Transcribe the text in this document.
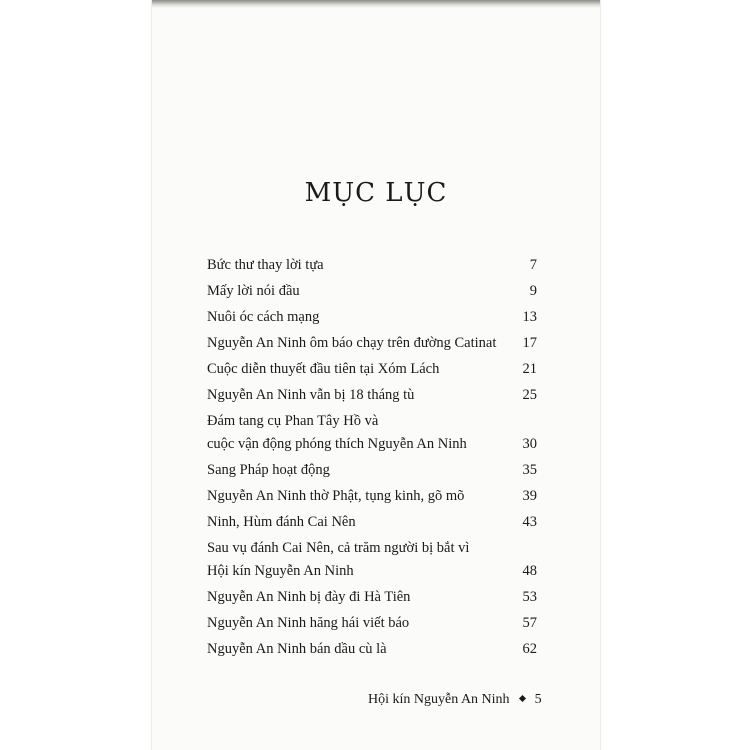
MỤC LỤC
Bức thư thay lời tựa	7
Mấy lời nói đầu	9
Nuôi óc cách mạng	13
Nguyễn An Ninh ôm báo chạy trên đường Catinat 17
Cuộc diễn thuyết đầu tiên tại Xóm Lách	21
Nguyễn An Ninh vẫn bị 18 tháng tù	25
Đám tang cụ Phan Tây Hồ và
cuộc vận động phóng thích Nguyễn An Ninh	30
Sang Pháp hoạt động	35
Nguyễn An Ninh thờ Phật, tụng kinh, gõ mõ	39
Ninh, Hùm đánh Cai Nên	43
Sau vụ đánh Cai Nên, cả trăm người bị bắt vì
Hội kín Nguyễn An Ninh	48
Nguyễn An Ninh bị đày đi Hà Tiên	53
Nguyễn An Ninh hăng hái viết báo	57
Nguyễn An Ninh bán dầu cù là	62
Hội kín Nguyễn An Ninh 5
